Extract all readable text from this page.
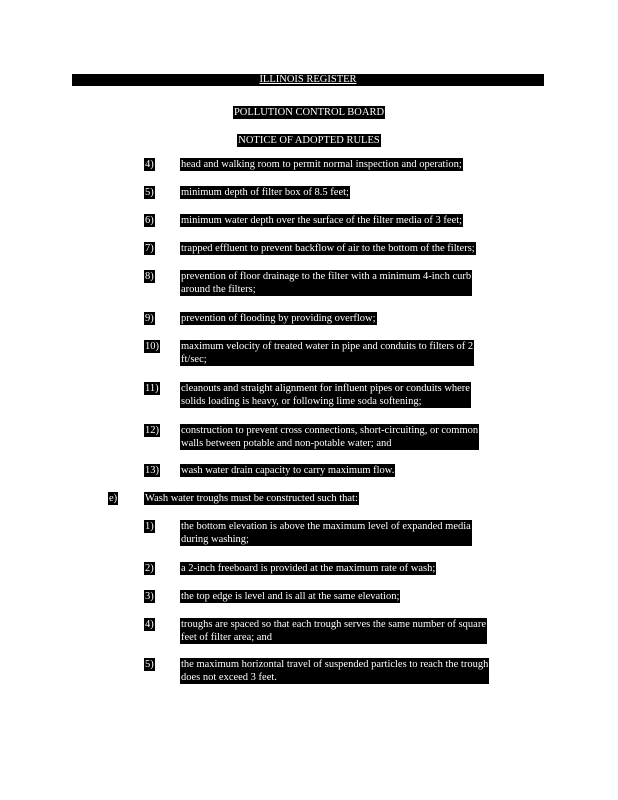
ILLINOIS REGISTER
POLLUTION CONTROL BOARD
NOTICE OF ADOPTED RULES
4)	head and walking room to permit normal inspection and operation;
5)	minimum depth of filter box of 8.5 feet;
6)	minimum water depth over the surface of the filter media of 3 feet;
7)	trapped effluent to prevent backflow of air to the bottom of the filters;
8)	prevention of floor drainage to the filter with a minimum 4-inch curb
around the filters;
9)	prevention of flooding by providing overflow;
10) maximum velocity of treated water in pipe and conduits to filters of 2
ft/sec;
11) cleanouts and straight alignment for influent pipes or conduits where
solids loading is heavy, or following lime soda softening;
12) construction to prevent cross connections, short-circuiting, or common
walls between potable and non-potable water; and
13) wash water drain capacity to carry maximum flow.
e)	Wash water troughs must be constructed such that:
1)	the bottom elevation is above the maximum level of expanded media
during washing;
2)	a 2-inch freeboard is provided at the maximum rate of wash;
3)	the top edge is level and is all at the same elevation;
4)	troughs are spaced so that each trough serves the same number of square
feet of filter area; and
5)	the maximum horizontal travel of suspended particles to reach the trough
does not exceed 3 feet.
